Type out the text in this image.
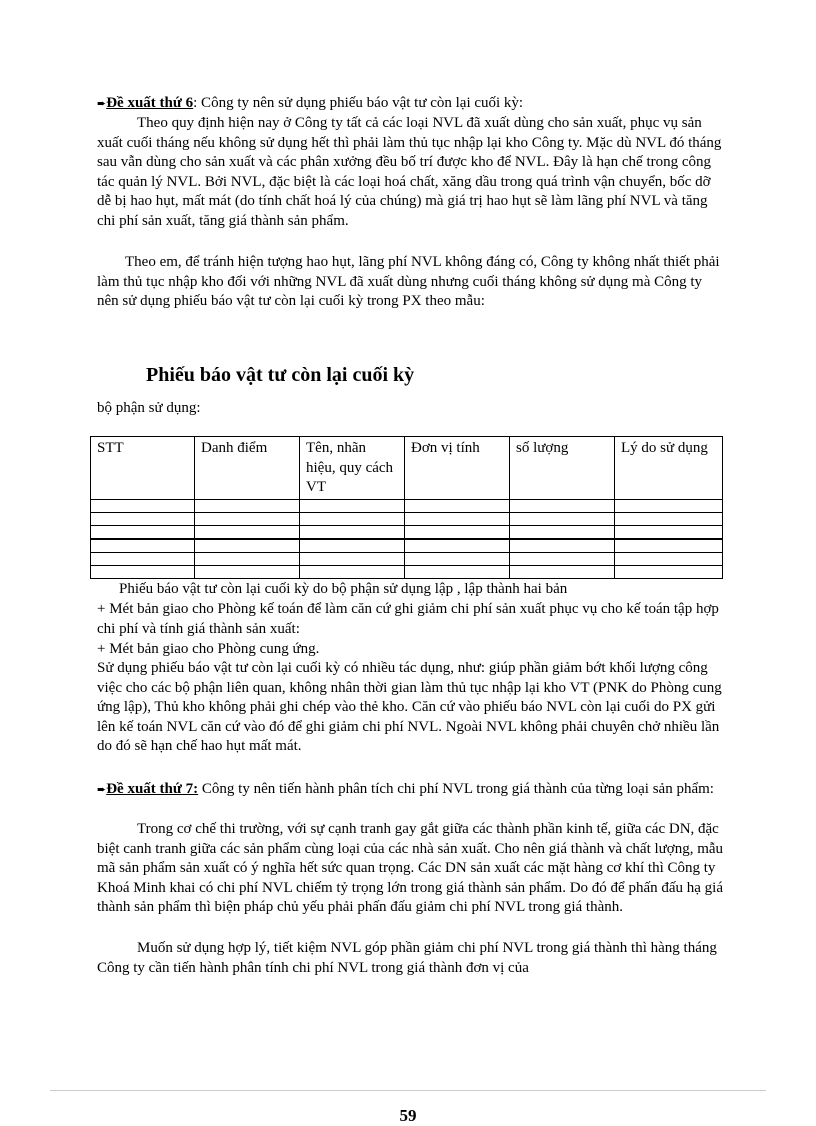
➨Đề xuất thứ 6: Công ty nên sử dụng phiếu báo vật tư còn lại cuối kỳ:

Theo quy định hiện nay ở Công ty tất cả các loại NVL đã xuất dùng cho sản xuất, phục vụ sản xuất cuối tháng nếu không sử dụng hết thì phải làm thủ tục nhập lại kho Công ty. Mặc dù NVL đó tháng sau vẫn dùng cho sản xuất và các phân xưởng đều bố trí được kho để NVL. Đây là hạn chế trong công tác quản lý NVL. Bởi NVL, đặc biệt là các loại hoá chất, xăng dầu trong quá trình vận chuyển, bốc dỡ dễ bị hao hụt, mất mát (do tính chất hoá lý của chúng) mà giá trị hao hụt sẽ làm lãng phí NVL và tăng chi phí sản xuất, tăng giá thành sản phẩm.

Theo em, để tránh hiện tượng hao hụt, lãng phí NVL không đáng có, Công ty không nhất thiết phải làm thủ tục nhập kho đối với những NVL đã xuất dùng nhưng cuối tháng không sử dụng mà Công ty nên sử dụng phiếu báo vật tư còn lại cuối kỳ trong PX theo mẫu:

Phiếu báo vật tư còn lại cuối kỳ

bộ phận sử dụng:

STT	Danh điểm	Tên, nhãn hiệu, quy cách VT	Đơn vị tính	số lượng	Lý do sử dụng

Phiếu báo vật tư còn lại cuối kỳ do bộ phận sử dụng lập , lập thành hai bản

+ Mét bản giao cho Phòng kế toán để làm căn cứ ghi giảm chi phí sản xuất phục vụ cho kế toán tập hợp chi phí và tính giá thành sản xuất:

+ Mét bản giao cho Phòng cung ứng.

Sử dụng phiếu báo vật tư còn lại cuối kỳ có nhiều tác dụng, như: giúp phần giảm bớt khối lượng công việc cho các bộ phận liên quan, không nhân thời gian làm thủ tục nhập lại kho VT (PNK do Phòng cung ứng lập), Thủ kho không phải ghi chép vào thẻ kho. Căn cứ vào phiếu báo NVL còn lại cuối do PX gửi lên kế toán NVL căn cứ vào đó để ghi giảm chi phí NVL. Ngoài NVL không phải chuyên chở nhiều lần do đó sẽ hạn chế hao hụt mất mát.

➨Đề xuất thứ 7: Công ty nên tiến hành phân tích chi phí NVL trong giá thành của từng loại sản phẩm:

Trong cơ chế thi trường, với sự cạnh tranh gay gắt giữa các thành phần kinh tế, giữa các DN, đặc biệt canh tranh giữa các sản phẩm cùng loại của các nhà sản xuất. Cho nên giá thành và chất lượng, mẫu mã sản phẩm sản xuất có ý nghĩa hết sức quan trọng. Các DN sản xuất các mặt hàng cơ khí thì Công ty Khoá Minh khai có chi phí NVL chiếm tỷ trọng lớn trong giá thành sản phẩm. Do đó để phấn đấu hạ giá thành sản phẩm thì biện pháp chủ yếu phải phấn đấu giảm chi phí NVL trong giá thành.

Muốn sử dụng hợp lý, tiết kiệm NVL góp phần giảm chi phí NVL trong giá thành thì hàng tháng Công ty cần tiến hành phân tính chi phí NVL trong giá thành đơn vị của

59
